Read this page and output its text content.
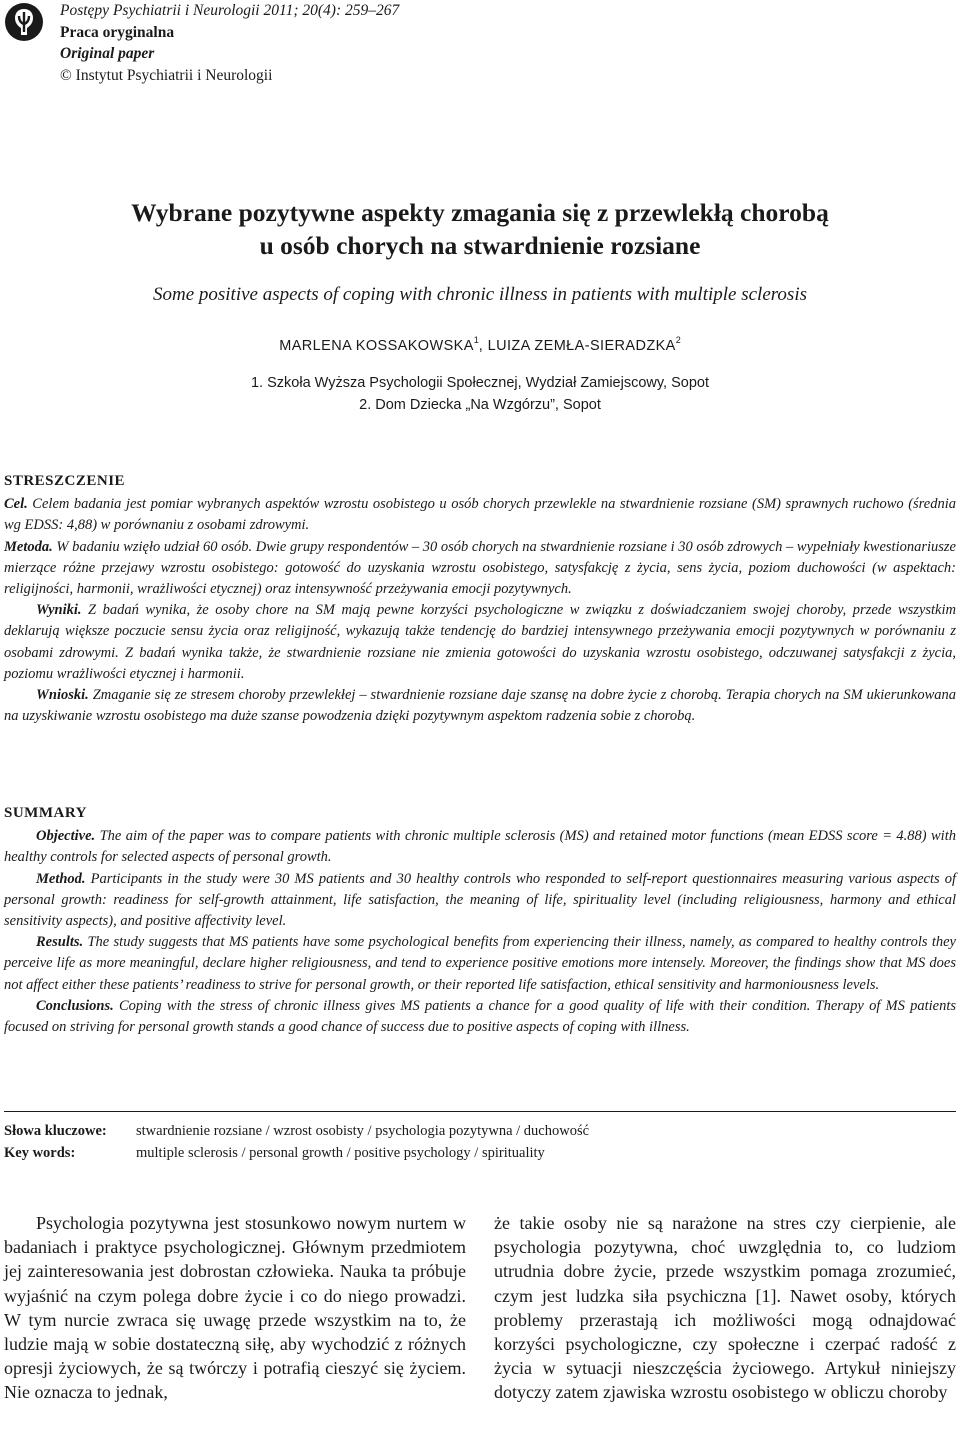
Postępy Psychiatrii i Neurologii 2011; 20(4): 259–267
Praca oryginalna
Original paper
© Instytut Psychiatrii i Neurologii
Wybrane pozytywne aspekty zmagania się z przewlekłą chorobą
u osób chorych na stwardnienie rozsiane
Some positive aspects of coping with chronic illness in patients with multiple sclerosis
MARLENA KOSSAKOWSKA$^1$, LUIZA ZEMŁA-SIERADZKA$^2$
1. Szkoła Wyższa Psychologii Społecznej, Wydział Zamiejscowy, Sopot
2. Dom Dziecka „Na Wzgórzu”, Sopot
STRESZCZENIE

Cel. Celem badania jest pomiar wybranych aspektów wzrostu osobistego u osób chorych przewlekle na stwardnienie rozsiane (SM) sprawnych ruchowo (średnia wg EDSS: 4,88) w porównaniu z osobami zdrowymi.

Metoda. W badaniu wzięło udział 60 osób. Dwie grupy respondentów – 30 osób chorych na stwardnienie rozsiane i 30 osób zdrowych – wypełniały kwestionariusze mierzące różne przejawy wzrostu osobistego: gotowość do uzyskania wzrostu osobistego, satysfakcję z życia, sens życia, poziom duchowości (w aspektach: religijności, harmonii, wrażliwości etycznej) oraz intensywność przeżywania emocji pozytywnych.

Wyniki. Z badań wynika, że osoby chore na SM mają pewne korzyści psychologiczne w związku z doświadczaniem swojej choroby, przede wszystkim deklarują większe poczucie sensu życia oraz religijność, wykazują także tendencję do bardziej intensywnego przeżywania emocji pozytywnych w porównaniu z osobami zdrowymi. Z badań wynika także, że stwardnienie rozsiane nie zmienia gotowości do uzyskania wzrostu osobistego, odczuwanej satysfakcji z życia, poziomu wrażliwości etycznej i harmonii.

Wnioski. Zmaganie się ze stresem choroby przewlekłej – stwardnienie rozsiane daje szansę na dobre życie z chorobą. Terapia chorych na SM ukierunkowana na uzyskiwanie wzrostu osobistego ma duże szanse powodzenia dzięki pozytywnym aspektom radzenia sobie z chorobą.

SUMMARY

Objective. The aim of the paper was to compare patients with chronic multiple sclerosis (MS) and retained motor functions (mean EDSS score = 4.88) with healthy controls for selected aspects of personal growth.

Method. Participants in the study were 30 MS patients and 30 healthy controls who responded to self-report questionnaires measuring various aspects of personal growth: readiness for self-growth attainment, life satisfaction, the meaning of life, spirituality level (including religiousness, harmony and ethical sensitivity aspects), and positive affectivity level.

Results. The study suggests that MS patients have some psychological benefits from experiencing their illness, namely, as compared to healthy controls they perceive life as more meaningful, declare higher religiousness, and tend to experience positive emotions more intensely. Moreover, the findings show that MS does not affect either these patients’ readiness to strive for personal growth, or their reported life satisfaction, ethical sensitivity and harmoniousness levels.

Conclusions. Coping with the stress of chronic illness gives MS patients a chance for a good quality of life with their condition. Therapy of MS patients focused on striving for personal growth stands a good chance of success due to positive aspects of coping with illness.

Słowa kluczowe:	stwardnienie rozsiane / wzrost osobisty / psychologia pozytywna / duchowość
Key words:	multiple sclerosis / personal growth / positive psychology / spirituality

Psychologia pozytywna jest stosunkowo nowym nurtem w badaniach i praktyce psychologicznej. Głównym przedmiotem jej zainteresowania jest dobrostan człowieka. Nauka ta próbuje wyjaśnić na czym polega dobre życie i co do niego prowadzi. W tym nurcie zwraca się uwagę przede wszystkim na to, że ludzie mają w sobie dostateczną siłę, aby wychodzić z różnych opresji życiowych, że są twórczy i potrafią cieszyć się życiem. Nie oznacza to jednak,

że takie osoby nie są narażone na stres czy cierpienie, ale psychologia pozytywna, choć uwzględnia to, co ludziom utrudnia dobre życie, przede wszystkim pomaga zrozumieć, czym jest ludzka siła psychiczna [1]. Nawet osoby, których problemy przerastają ich możliwości mogą odnajdować korzyści psychologiczne, czy społeczne i czerpać radość z życia w sytuacji nieszczęścia życiowego. Artykuł niniejszy dotyczy zatem zjawiska wzrostu osobistego w obliczu choroby
